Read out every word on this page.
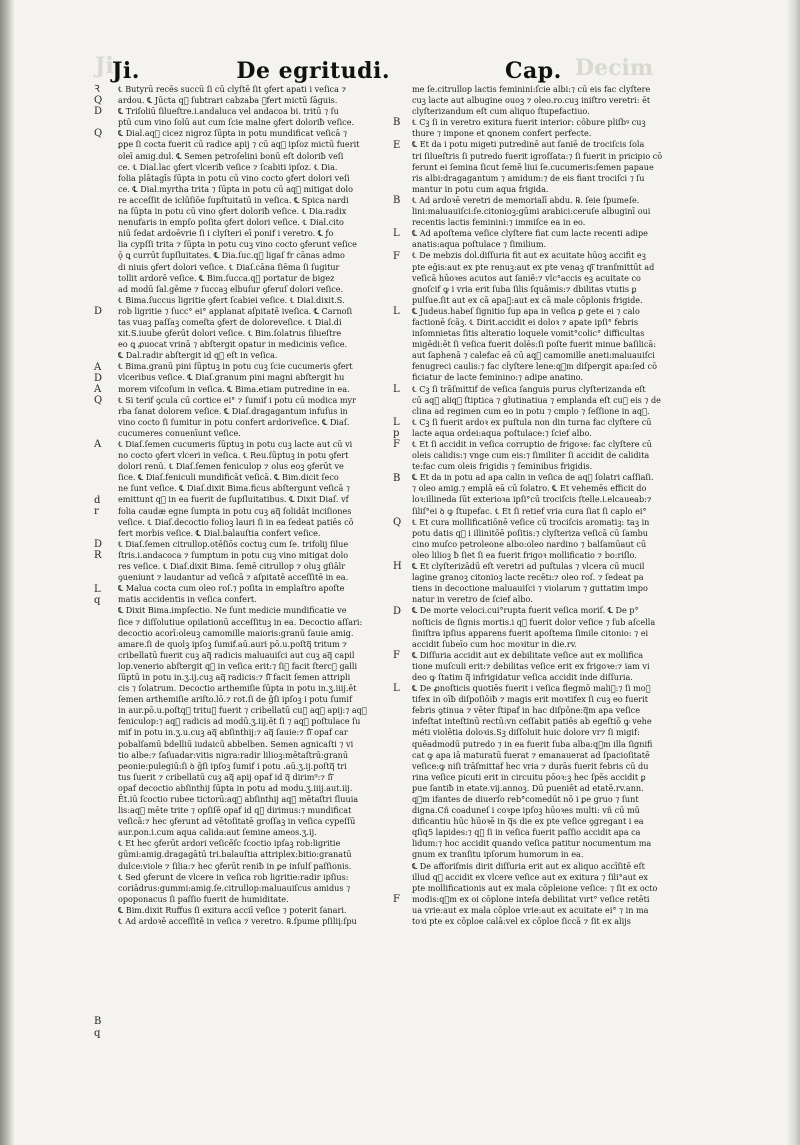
Ji.	Decim
Ji.	De egritudi.	Cap.
℄ Butyrū recēs succū ſi cū clyſtē ſit ꝯfert apati i veſica ⁊
ardou. ℄ Jūcta qᷓ ſubtrari cabzaba ꝯfert mictū ſāguis.
℄ Triſoliū ſilueſtre.i.andaluca vel andacoa bi. tritū ⁊ ſu
ptū cum vino ſolū aut cum ſcie malne ꝯfert doloriƀ veſice.
℄ Dial.aqᷓ cicez nigroz ſūpta in potu mundificat veſicā ⁊
ꝑpe ſi cocta fuerit cū radice apij ⁊ cū aqᷓ ipſoz mictū fuerit
oleī amig.dul. ℄ Semen petroſelini bonū eſt doloriƀ veſi
ce. ℄ Dial.lac ꝯfert vlceriƀ veſice ⁊ ſcabiti ipſoz. ℄ Dia.
folia plātagīs ſūpta in potu cū vino cocto ꝯfert dolori veſi
ce. ℄ Dial.myrtha trita ⁊ ſūpta in potu cū aqᷓ mitigat dolo
re acceſſit de iclūſiōe ſupſtuitatū in veſica. ℄ Spica nardi
na ſūpta in potu cū vino ꝯfert doloriƀ veſice. ℄ Dia.radix
nenufaris in empſo poſita ꝯfert dolori veſice. ℄ Dial.cito
niū ſedat ardoēvrie ſi i clyſteri eī ponif i veretro. ℄ ƒo
lia cypſſi trita ⁊ ſūpta in potu cuꝫ vino cocto ꝯferunt veſice
ǭ ꝗ currūt ſupſluitates. ℄ Dia.ſuc.qᷓ ligaſ fr cānas admo
di niuis ꝯfert dolori veſice. ℄ Diaſ.cāna ſiēma ſi ſugitur
tollit ardorē veſice. ℄ Bim.ſucca.qᷓ portatur de bigez
ad modū ſal.gēme ⁊ ſuccaꝫ elbuſur ꝯferuſ dolori veſice.
℄ Bima.ſuccus ligritie ꝯfert ſcabiei veſice. ℄ Dial.dixit.S.
rob ligritie ⁊ ſucc° ei° applanat aſpitatē iveſica. ℄ Carnoſi
tas vuaꝫ paſſaꝫ comeſta ꝯfert de doloreveſice. ℄ Dial.di
xit.S.iuube ꝯferūt dolori veſice. ℄ Bim.ſolatrus ſilueſtre
eo ꝗ ꝓuocat vrinā ⁊ abſtergit opatur in medicinis veſice.
℄ Dal.radir abſtergit id qᷓ eſt in veſica.
℄ Bima.granū pini ſūptuꝫ in potu cuꝫ ſcie cucumeris ꝯfert
vlceribus veſice. ℄ Diaſ.granum pini magni abſtergit hu
morem viſcoſum in veſica. ℄ Bima.etiam putredine in ea.
℄ Si terif ꝯcula cū cortice ei° ⁊ ſumif i potu cū modica myr
rba ſanat dolorem veſice. ℄ Diaſ.dragagantum infuſus in
vino cocto ſi ſumitur in potu confert ardoriveſice. ℄ Diaſ.
cucumeres conuenīunt veſice.
℄ Diaſ.ſemen cucumeris ſūptuꝫ in potu cuꝫ lacte aut cū vi
no cocto ꝯfert vlceri in veſica. ℄ Reu.ſūptuꝫ in potu ꝯfert
dolori renū. ℄ Diaſ.ſemen feniculop ⁊ olus eoꝫ ꝯferūt ve
ſice. ℄ Diaſ.feniculi mundificāt veſicā. ℄ Bim.dicit ſeco
ne ſunt veſice. ℄ Diaſ.dixit Bima.ficus abſtergunt veſicā ⁊
emittunt qᷓ in ea fuerit de ſupſluitatibus. ℄ Dixit Diaſ. vf
folia caudæ egne ſumpta in potu cuꝫ aqᷓ ſolidāt inciſiones
veſice. ℄ Diaſ.decoctio folioꝫ lauri ſi in ea ſedeat patiēs cō
fert morbis veſice. ℄ Dial.balauſtia confert veſice.
℄ Diaſ.ſemen citrullop.otēſiōs coctuꝫ cum ſe. trifolij ſilue
ſtris.i.andacoca ⁊ ſumptum in potu cuꝫ vino mitigat dolo
res veſice. ℄ Diaſ.dixit Bima. ſemē citrullop ⁊ oluꝫ gſiālr
ꝯueniunt ⁊ laudantur ad veſicā ⁊ aſpitatē acceſſitē in ea.
℄ Malua cocta cum oleo roſ.⁊ poſita in emplaſtro apoſte
matis accidentis in veſica confert.
℄ Dixit Bima.impſectio. Ne ſunt medicie mundificatie ve
ſice ⁊ diſſolutiue opilationū acceſſituꝫ in ea. Decoctio aſſari:
decoctio acorī:oleuꝫ camomille maioris:granū ſauie amig.
amare.ſi de quolꝫ ipſoꝫ ſumif.aū.auri pō.u.poſtqᷓ tritum ⁊
cribellatū fuerit cuꝫ aqᷓ radicis maluauiſci aut cuꝫ aqᷓ capil
lop.venerio abſtergit qᷓ in veſica erit:⁊ ſiᷓ facit ſtercꝰ galli
ſūptū in potu in.ʒ.ij.cuꝫ aqᷓ radicis:⁊ ſiᷓ facit ſemen attripli
cis ⁊ ſolatrum. Decoctio arthemiſie ſūpta in potu in.ʒ.iiij.ēt
ſemen arthemiſie ariſto.lō.⁊ rot.ſi de ḡſi ipſoꝫ i potu ſumif
in aur.pō.u.poſtqᷓ trituꝫ fuerit ⁊ cribellatū cuꝫ aqᷓ apij:⁊ aqᷓ
feniculop:⁊ aqᷓ radicis ad modū.ʒ.iij.ēt ſi ⁊ aqᷓ poſtulace ſu
mif in potu in.ʒ.u.cuꝫ aqᷓ abſinthij:⁊ aqᷓ ſauie:⁊ ſiᷓ opaf car
pobalſamū bdelliū iudaicū abbelben. Semen agnicaſti ⁊ vi
tio albe:⁊ ſaſuadar:vitis nigra:radir lilioꝫ:mētaſtrū:granū
peonie:pulegiū:ſi ꝺ ḡſi ipſoꝫ ſumif i potu .aū.ʒ.ij.poſtqᷓ tri
tus ſuerit ⁊ cribellatū cuꝫ aqᷓ apij opaf id qᷓ dirim⁹:⁊ ſiᷓ
opaf decoctio abſinthij ſūpta in potu ad modu.ʒ.iiij.aut.iij.
Ēt.iū ſcoctio rubee tictorū:aqᷓ abſinthij aqᷓ mētaſtri ſluuia
lis:aqᷓ mēte trite ⁊ opſiſē opaf id qᷓ dirimus:⁊ mundificat
veſicā:⁊ hec ꝯferunt ad vētoſitatē groſſaꝫ in veſica cypeſſū
aur.pon.i.cum aqua calida:aut ſemine ameos.ʒ.ij.
℄ Et hec ꝯferūt ardori veſicē̄ſc ſcoctio ipſaꝫ rob:ligritie
gūmi:amig.dragagātū tri.balauſtia attriplex:bitio:granatū
dulce:viole ⁊ ſilia:⁊ hec ꝯferūt reniƀ in ꝑe inſulſ paſſionis.
℄ Sed ꝯferunt de vlcere in veſica rob ligritie:radir ipſius:
coriādrus:gummi:amig.ſe.citrullop:maluauiſcus amidus ⁊
opoponacus ſi paſſio fuerit de humiditate.
℄ Bim.dixit Ruffus ſi exitura acciī veſice ⁊ poterit ſanari.
℄ Ad ardoꝛē acceſſitē in veſica ⁊ veretro. ℞.ſpume pſiliį:ſpu
me ſe.citrullop lactis feminini:ſcie albi:⁊ cū eis fac clyſtere
cuꝫ lacte aut albugine ouoꝫ ⁊ oleo.ro.cuꝫ iniſtro veretri: ēt
clyſterizandum eſt cum aliquo ſtupefactiuo.
℄ Cꝫ ſi in veretro exitura fuerit interior: cōbure pliſbꝰ cuꝫ
thure ⁊ impone et ꝗnonem confert perfecte.
℄ Et da i potu migeti putredinē aut ſaniē de trociſcis ſola
tri ſilueſtris ſi putredo fuerit igroſſata:⁊ ſi fuerit in pricipio cō
ferunt ei ſemina ſicut ſemē liui ſe.cucumeris:ſemen papaue
ris albi:dragagantum ⁊ amidum:⁊ de eis fiant trociſci ⁊ ſu
mantur in potu cum aqua frigida.
℄ Ad ardoꝛē veretri de memorialī abdu. ℞. ſeie ſpumeſe.
lini:maluauiſci:ſe.citonioꝫ:gūmi arabici:ceruſe albuginī oui
recentis lactis feminini:⁊ immiſce ea in eo.
℄ Ad apoſtema veſice clyſtere fiat cum lacte recenti adipe
anatis:aqua poſtulace ⁊ ſimilium.
℄ De mebzis dol.diſſuria fit aut ex acuitate hūoꝫ accifit eꝫ
pte eḡis:aut ex pte renuꝫ:aut ex pte venaꝫ qiᷓ tranſmittūt ad
veſicā hūoꝛes acutos aut ſaniē:⁊ vlc°accis eꝫ acuitate co
gnoſcif ꝙ i vria erit ſuba ſilis ſquāmis:⁊ dbilitas vtutis ꝑ
pulſue.ſit aut ex cā apaᷓ:aut ex cā male cōplonis frigide.
℄ Judeus.habeſ ſignitio ſup apa in veſica ꝑ gete ei ⁊ calo
factionē ſcāꝫ. ℄ Dirit.accidit ei doloꝛ ⁊ apate ipſi° febris
inſomnietas ſitis alteratio loquele vomit°colic° difficultas
migēdi:ēt ſi veſica fuerit dolēs:ſi poſte fuerit minue baſilicā:
aut ſaphenā ⁊ calefac eā cū aqᷓ camomille aneti:maluauiſci
fenugreci caulis:⁊ fac clyſtere lene:qᷓm diſpergit apa:ſed cō
ficiatur de lacte feminino:⁊ adipe anatino.
℄ Cꝫ ſi trāſmittif de veſica ſanguis purus clyſterizanda eſt
cū aqᷓ aliqᷓ ſtiptica ⁊ glutinatiua ⁊ emplanda eſt cuꝫ eis ⁊ de
clina ad regimen cum eo in potu ⁊ cmplo ⁊ ſeſſione in aqᷓ.
℄ Cꝫ ſi fuerit ardoꝛ ex puſtula non din turna fac clyſtere cū
lacte aqua ordei:aqua poſtulace:⁊ ſcief albo.
℄ Et ſi accidit in veſica corruptio de frigoꝛe: fac clyſtere cū
oleis calidis:⁊ vnge cum eis:⁊ ſimiliter ſi accidit de calidita
te:fac cum oleis frigidis ⁊ ſeminibus frigidis.
℄ Et da in potu ad apa calin in veſica de aqᷓ ſolatri caſſiaſi.
⁊ oleo amig.⁊ emplā eā cū ſolatro. ℄ Et vehemēs efficit do
loꝛ:illineda ſūt exterioꝛa ipſi°cū trociſcis ſtelle.i.elcaueab:⁊
ſiliſ°ei ꝺ ꝙ ſtupefac. ℄ Et ſi retief vria cura ſiat ſi caplo ei°
℄ Et cura mollificatiōnē veſice cū trociſcis aromatiꝫ: taꝫ in
potu datis qᷓ i illinitōē poſitis:⁊ clyſteriza veſicā cū ſambu
cino muſco petroleone albo:oleo nardino ⁊ balſamūaut cū
oleo lilioꝫ ƀ ſiet ſi ea fuerit frigoꝛ mollificatio ⁊ bo:riſlo.
℄ Et clyſterizādū eſt veretri ad puſtulas ⁊ vlcera cū mucil
lagine granoꝫ citonioꝫ lacte recētı:⁊ oleo roſ. ⁊ ſedeat pa
tiens in decoctione maluauiſci ⁊ violarum ⁊ guttatim impo
natur in veretro de ſcief albo.
℄ De morte veloci.cui°rupta fuerit veſica moriſ. ℄ De p°
noſticis de ſignis mortis.i qᷓ fuerit dolor veſice ⁊ ſub aſcella
ſiniſtra ipſius apparens fuerit apoſtema ſimile citonio: ⁊ ei
accidit ſubeīo cum hoc moꝛitur in die.rv.
℄ Diſſuria accidit aut ex debilitate veſice aut ex mollifica
tione muſculi erit:⁊ debilitas veſice erit ex frigoꝛe:⁊ iam vi
deo ꝙ ſtatim qᷓ infrigidatur veſica accidit inde diſſuria.
℄ De ꝓnoſticis quotiēs fuerit i veſica flegmō maliᷓ:⁊ ſi moꝛ
tifex in oīƀ diſpoſiōiƀ ⁊ magis erit moꝛtifex ſi cuꝫ eo fuerit
febris ꝯtinua ⁊ vēter ſtipaf in hac diſpōne:qᷓm apa veſice
infeſtat inteſtinū rectū:vn ceſſabit patiēs ab egeſtiō ꝙ vehe
méti violētia doloꝛis.Sꝫ diſſoluit huic dolore vr⁊ ſi migif:
quēadmodū putredo ⁊ in ea fuerit ſuba alba:qᷓm illa ſignifi
cat ꝙ apa iā maturatū fuerat ⁊ emanauerat ad ſpacioſitatē
veſice:ꝙ niſi trāſmittaf hec vria ⁊ durās fuerit febris cū du
rina veſice picuti erit in circuitu pōoꝛ:ꝫ hec ſpēs accidit ꝑ
pue ſantiƀ in etate.vij.annoꝫ. Dū pueniēt ad etatē.rv.ann.
qᷓm ifantes de diuerſo reb°comedūt nō i ꝑe gruo ⁊ ſunt
digna.Cñ coaduneſ i coꝛpe ipſoꝫ hūoꝛes multi: vñ cū mū
dificantiu hūc hūoꝛē in qᷓs die ex pte veſice ꝯgregant i ea
qſiq5 lapides:⁊ qᷓ ſi in veſica fuerit paſſio accidit apa ca
lidum:⁊ hoc accidit quando veſica patitur nocumentum ma
gnum ex tranſitu ipſorum humorum in ea.
℄ De afforiſmis dirit diſſuria erit aut ex aliquo accīſitē eſt
illud qᷓ accidit ex vlcere veſice aut ex exitura ⁊ ſili°aut ex
pte mollificationis aut ex mala cōpleione veſice: ⁊ ſit ex octo
modis:qᷓm ex oi cōplone inteſa debilitat vırt° veſice retēti
ua vrie:aut ex mala cōploe vrie:aut ex acuitate ei° ⁊ in ma
toꝛi pte ex cōploe calā:vel ex cōploe ſiccā ⁊ ſit ex alijs
Ꝛ
Q
D
Q
D
A
D
A
Q
A
d
r
D
R
L
q
B
q
B
E
B
L
F
L
L
L
p
F
B
Q
H
D
F
L
F
